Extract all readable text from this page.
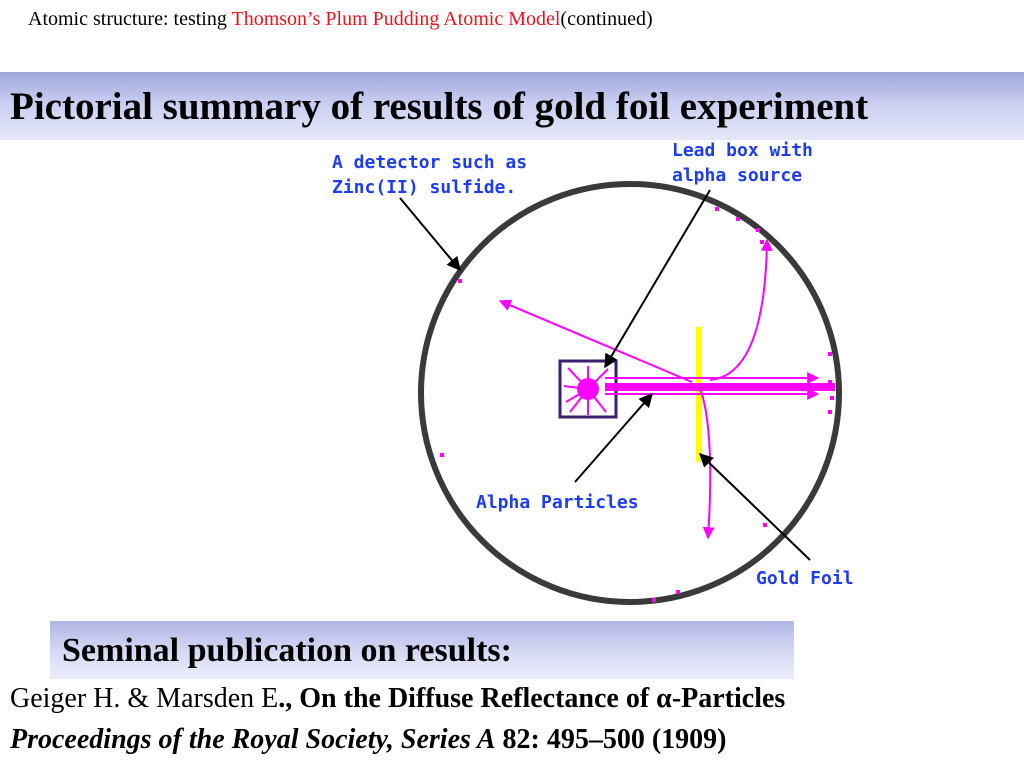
Atomic structure: testing Thomson’s Plum Pudding Atomic Model(continued)
Pictorial summary of results of gold foil experiment
A detector such as
Zinc(II) sulfide.
Lead box with
alpha source
Alpha Particles
Gold Foil
Seminal publication on results:
Geiger H. & Marsden E., On the Diffuse Reflectance of α-Particles
Proceedings of the Royal Society, Series A 82: 495–500 (1909)
